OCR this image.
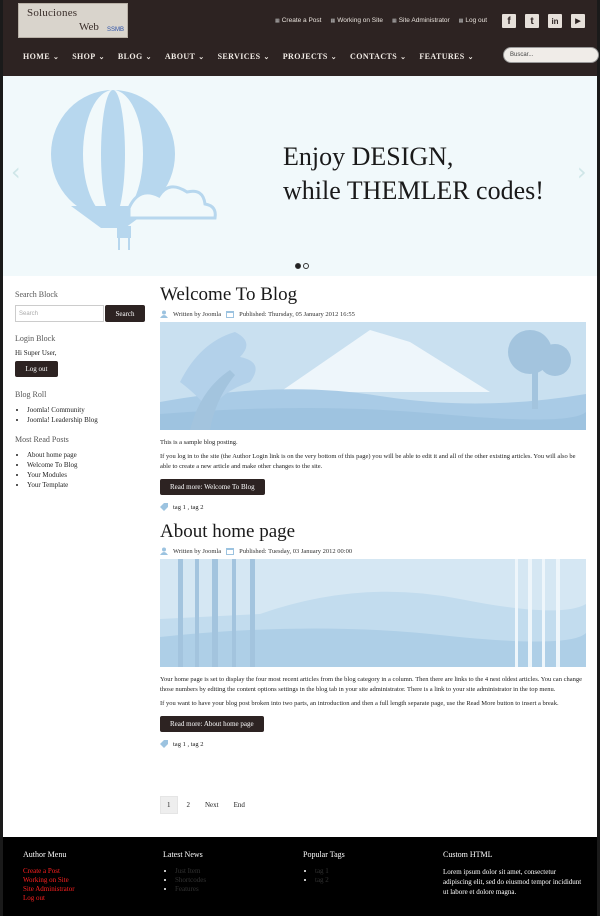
Soluciones
Web SSMB
▦ Create a Post ▦ Working on Site ▦ Site Administrator ▦ Log out	f	t	in	▶
HOME ⌄ SHOP ⌄ BLOG ⌄ ABOUT ⌄ SERVICES ⌄ PROJECTS ⌄ CONTACTS ⌄ FEATURES ⌄	Buscar...
‹	›
Enjoy DESIGN,
while THEMLER codes!
Search Block
Search	Search
Login Block
Hi Super User,
Log out
Blog Roll
• Joomla! Community
• Joomla! Leadership Blog
Most Read Posts
• About home page
• Welcome To Blog
• Your Modules
• Your Template
Welcome To Blog
Written by Joomla	Published: Thursday, 05 January 2012 16:55

This is a sample blog posting.

If you log in to the site (the Author Login link is on the very bottom of this page) you will be able to edit it and all of the other existing articles. You will also be able to create a new article and make other changes to the site.

Read more: Welcome To Blog
tag 1 , tag 2
About home page
Written by Joomla	Published: Tuesday, 03 January 2012 00:00

Your home page is set to display the four most recent articles from the blog category in a column. Then there are links to the 4 nest oldest articles. You can change those numbers by editing the content options settings in the blog tab in your site administrator. There is a link to your site administrator in the top menu.

If you want to have your blog post broken into two parts, an introduction and then a full length separate page, use the Read More button to insert a break.

Read more: About home page
tag 1 , tag 2
1	2	Next	End
Author Menu
Create a Post
Working on Site
Site Administrator
Log out
Latest News
• Just Item
• Shortcodes
• Features
Popular Tags
• tag 1
• tag 2
Custom HTML
Lorem ipsum dolor sit amet, consectetur adipiscing elit, sed do eiusmod tempor incididunt ut labore et dolore magna.
